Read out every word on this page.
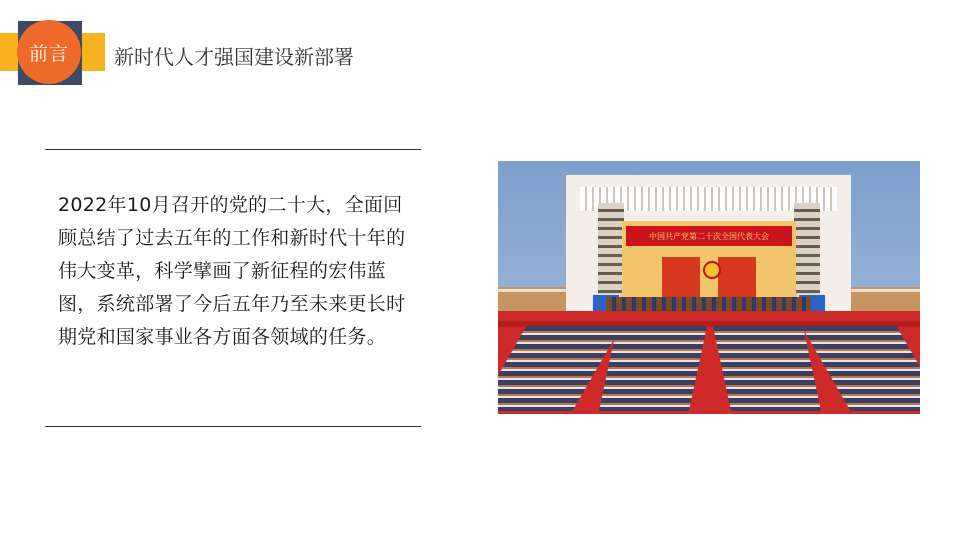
前言 新时代人才强国建设新部署
2022年10月召开的党的二十大，全面回顾总结了过去五年的工作和新时代十年的伟大变革，科学擘画了新征程的宏伟蓝图，系统部署了今后五年乃至未来更长时期党和国家事业各方面各领域的任务。
中国共产党第二十次全国代表大会
